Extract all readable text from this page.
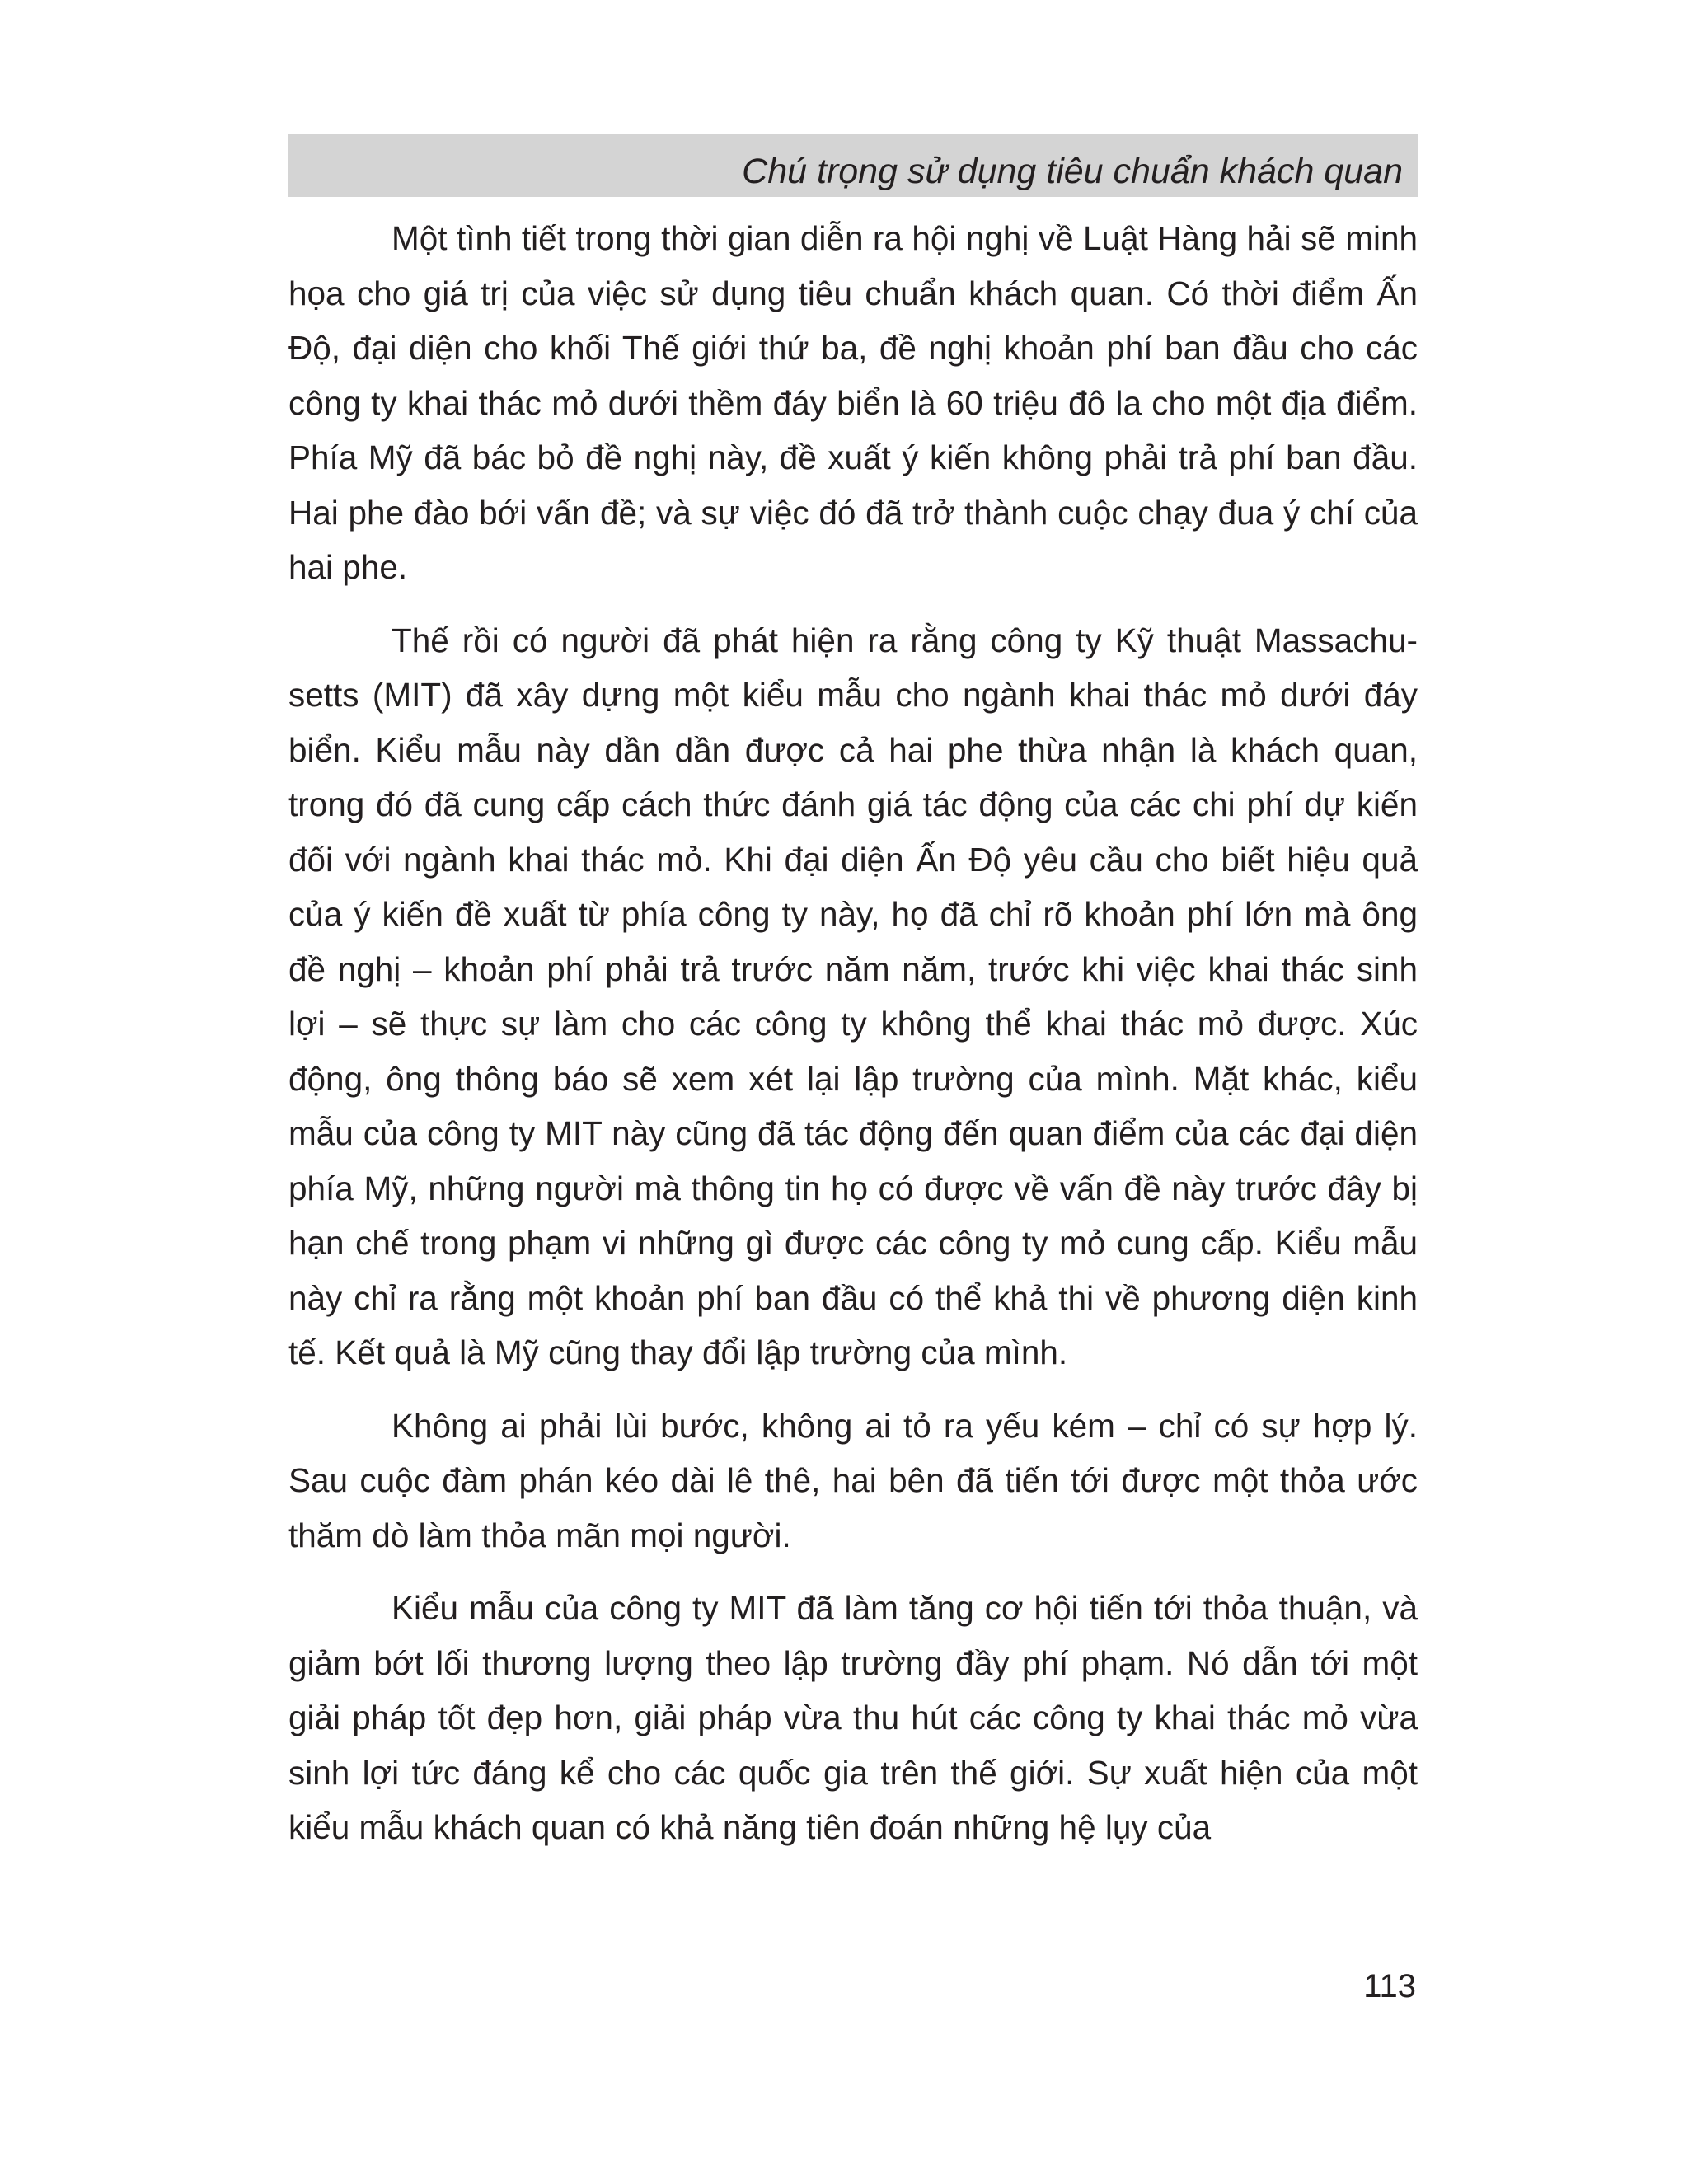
Chú trọng sử dụng tiêu chuẩn khách quan

Một tình tiết trong thời gian diễn ra hội nghị về Luật Hàng hải sẽ minh họa cho giá trị của việc sử dụng tiêu chuẩn khách quan. Có thời điểm Ấn Độ, đại diện cho khối Thế giới thứ ba, đề nghị khoản phí ban đầu cho các công ty khai thác mỏ dưới thềm đáy biển là 60 triệu đô la cho một địa điểm. Phía Mỹ đã bác bỏ đề nghị này, đề xuất ý kiến không phải trả phí ban đầu. Hai phe đào bới vấn đề; và sự việc đó đã trở thành cuộc chạy đua ý chí của hai phe.

Thế rồi có người đã phát hiện ra rằng công ty Kỹ thuật Massachusetts (MIT) đã xây dựng một kiểu mẫu cho ngành khai thác mỏ dưới đáy biển. Kiểu mẫu này dần dần được cả hai phe thừa nhận là khách quan, trong đó đã cung cấp cách thức đánh giá tác động của các chi phí dự kiến đối với ngành khai thác mỏ. Khi đại diện Ấn Độ yêu cầu cho biết hiệu quả của ý kiến đề xuất từ phía công ty này, họ đã chỉ rõ khoản phí lớn mà ông đề nghị – khoản phí phải trả trước năm năm, trước khi việc khai thác sinh lợi – sẽ thực sự làm cho các công ty không thể khai thác mỏ được. Xúc động, ông thông báo sẽ xem xét lại lập trường của mình. Mặt khác, kiểu mẫu của công ty MIT này cũng đã tác động đến quan điểm của các đại diện phía Mỹ, những người mà thông tin họ có được về vấn đề này trước đây bị hạn chế trong phạm vi những gì được các công ty mỏ cung cấp. Kiểu mẫu này chỉ ra rằng một khoản phí ban đầu có thể khả thi về phương diện kinh tế. Kết quả là Mỹ cũng thay đổi lập trường của mình.

Không ai phải lùi bước, không ai tỏ ra yếu kém – chỉ có sự hợp lý. Sau cuộc đàm phán kéo dài lê thê, hai bên đã tiến tới được một thỏa ước thăm dò làm thỏa mãn mọi người.

Kiểu mẫu của công ty MIT đã làm tăng cơ hội tiến tới thỏa thuận, và giảm bớt lối thương lượng theo lập trường đầy phí phạm. Nó dẫn tới một giải pháp tốt đẹp hơn, giải pháp vừa thu hút các công ty khai thác mỏ vừa sinh lợi tức đáng kể cho các quốc gia trên thế giới. Sự xuất hiện của một kiểu mẫu khách quan có khả năng tiên đoán những hệ lụy của

113
